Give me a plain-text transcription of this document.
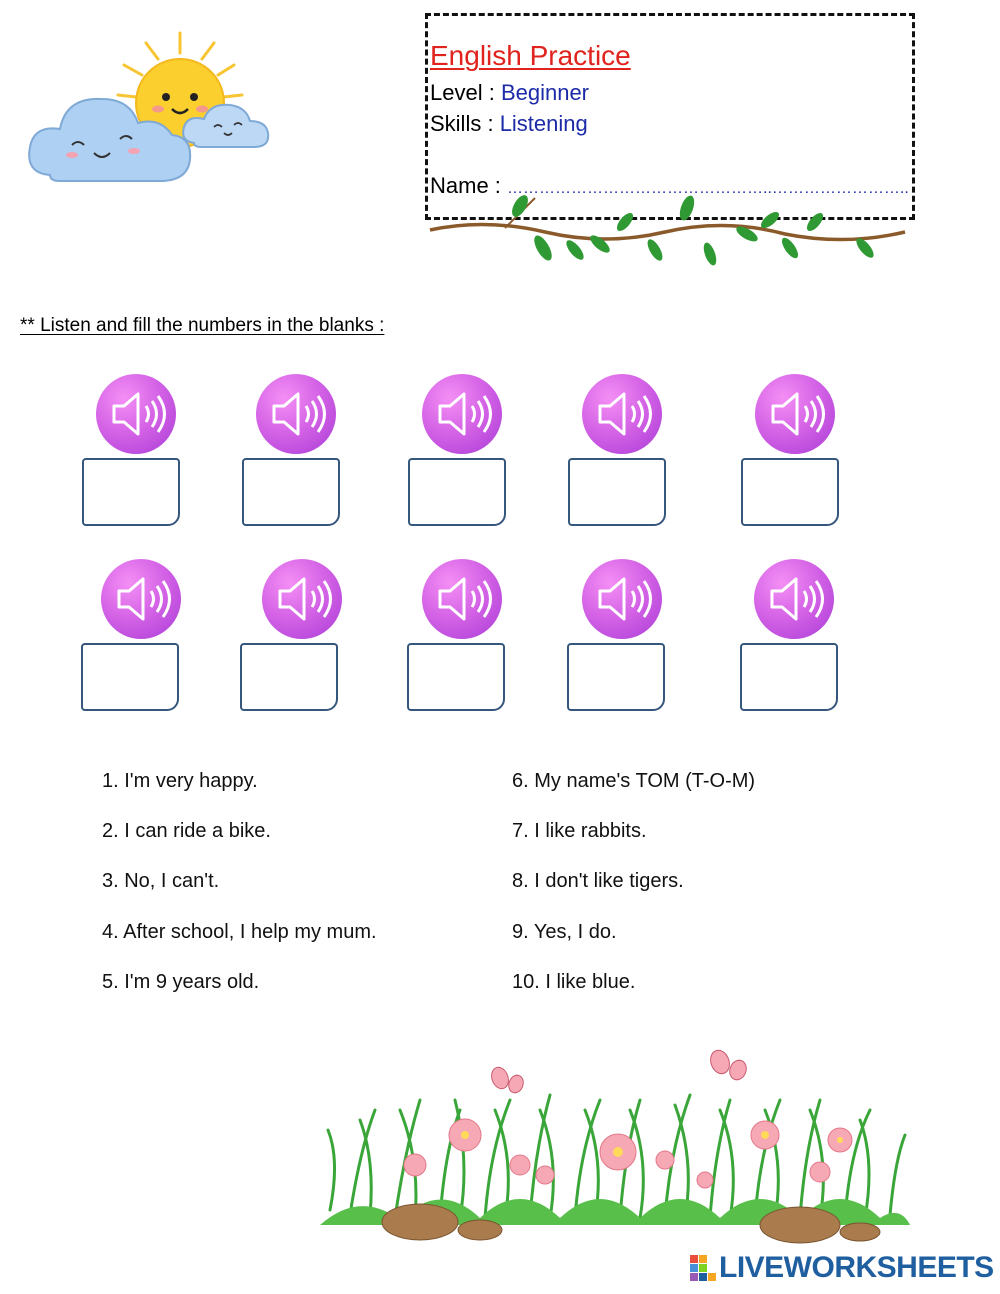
English Practice
Level : Beginner
Skills : Listening
Name : …………………………………………..……………………..
** Listen and fill the numbers in the blanks :
1. I'm very happy.
2. I can ride a bike.
3. No, I can't.
4. After school, I help my mum.
5. I'm 9 years old.
6. My name's TOM (T-O-M)
7. I like rabbits.
8. I don't like tigers.
9. Yes, I do.
10. I like blue.
LIVEWORKSHEETS
